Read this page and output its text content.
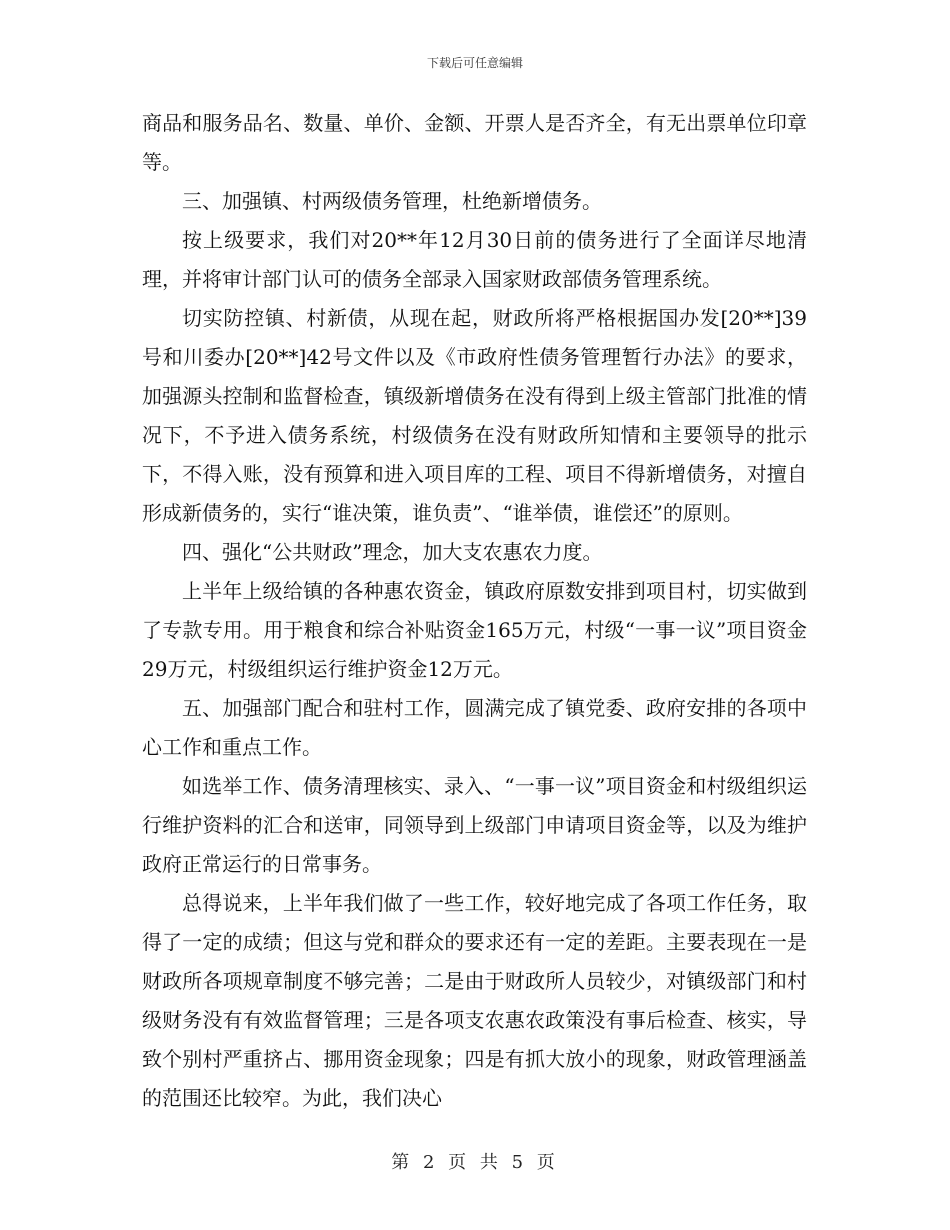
下载后可任意编辑

商品和服务品名、数量、单价、金额、开票人是否齐全，有无出票单位印章等。

三、加强镇、村两级债务管理，杜绝新增债务。

按上级要求，我们对20**年12月30日前的债务进行了全面详尽地清理，并将审计部门认可的债务全部录入国家财政部债务管理系统。

切实防控镇、村新债，从现在起，财政所将严格根据国办发[20**]39号和川委办[20**]42号文件以及《市政府性债务管理暂行办法》的要求，加强源头控制和监督检查，镇级新增债务在没有得到上级主管部门批准的情况下，不予进入债务系统，村级债务在没有财政所知情和主要领导的批示下，不得入账，没有预算和进入项目库的工程、项目不得新增债务，对擅自形成新债务的，实行“谁决策，谁负责”、“谁举债，谁偿还”的原则。

四、强化“公共财政”理念，加大支农惠农力度。

上半年上级给镇的各种惠农资金，镇政府原数安排到项目村，切实做到了专款专用。用于粮食和综合补贴资金165万元，村级“一事一议”项目资金29万元，村级组织运行维护资金12万元。

五、加强部门配合和驻村工作，圆满完成了镇党委、政府安排的各项中心工作和重点工作。

如选举工作、债务清理核实、录入、“一事一议”项目资金和村级组织运行维护资料的汇合和送审，同领导到上级部门申请项目资金等，以及为维护政府正常运行的日常事务。

总得说来，上半年我们做了一些工作，较好地完成了各项工作任务，取得了一定的成绩；但这与党和群众的要求还有一定的差距。主要表现在一是财政所各项规章制度不够完善；二是由于财政所人员较少，对镇级部门和村级财务没有有效监督管理；三是各项支农惠农政策没有事后检查、核实，导致个别村严重挤占、挪用资金现象；四是有抓大放小的现象，财政管理涵盖的范围还比较窄。为此，我们决心

第 2 页 共 5 页
